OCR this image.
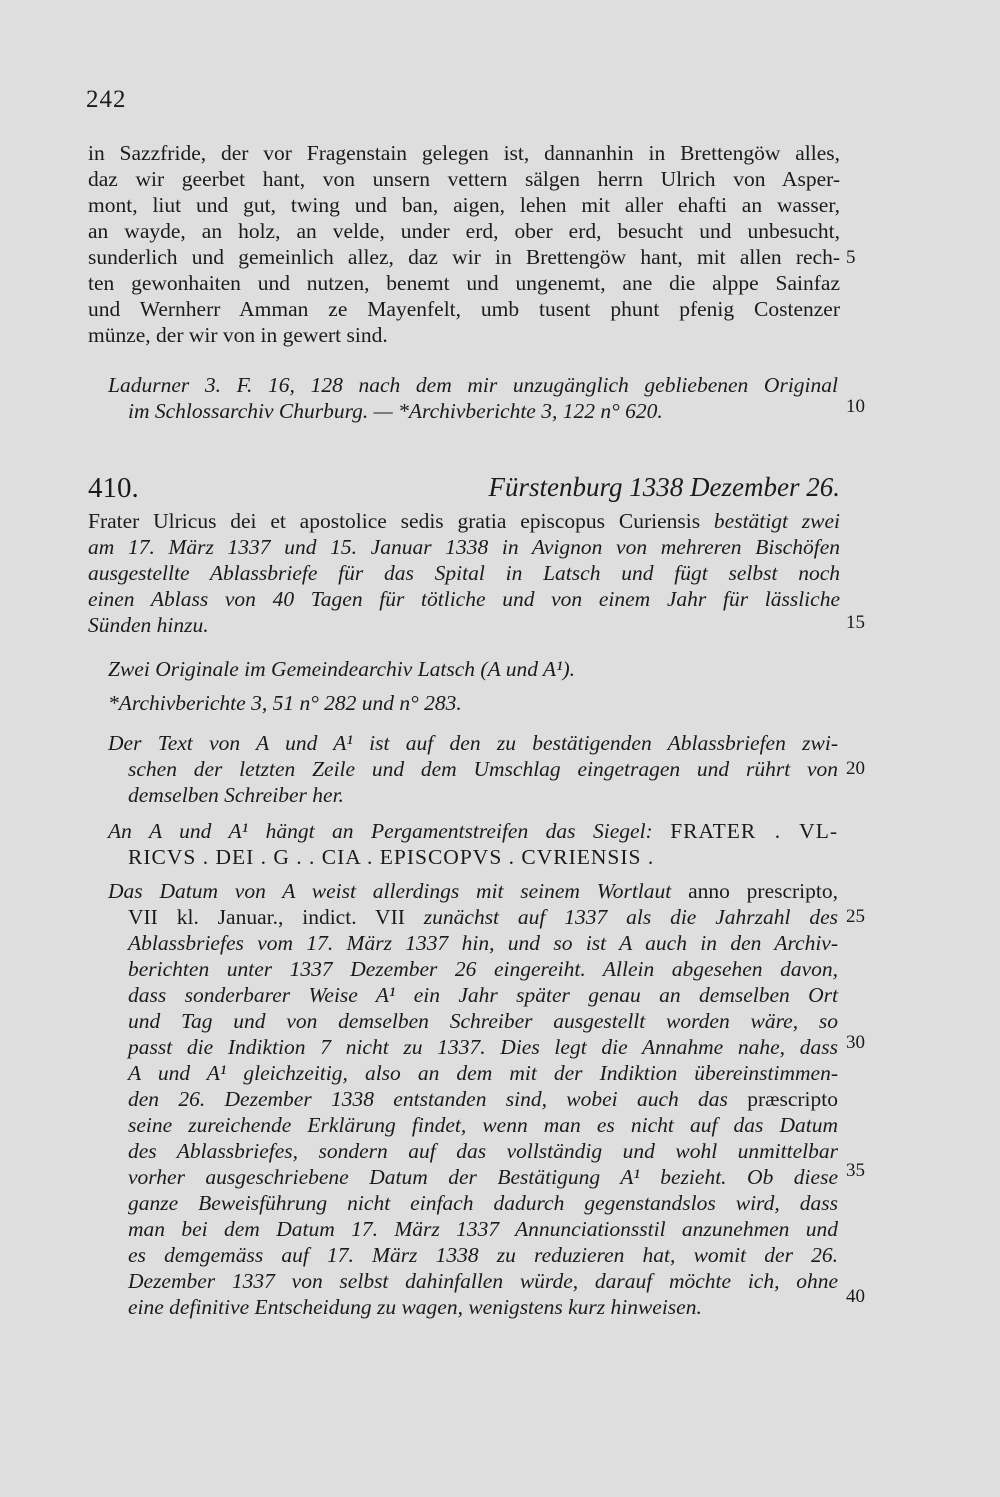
242
in Sazzfride, der vor Fragenstain gelegen ist, dannanhin in Brettengöw alles,
daz wir geerbet hant, von unsern vettern sälgen herrn Ulrich von Asper-
mont, liut und gut, twing und ban, aigen, lehen mit aller ehafti an wasser,
an wayde, an holz, an velde, under erd, ober erd, besucht und unbesucht,
sunderlich und gemeinlich allez, daz wir in Brettengöw hant, mit allen rech-
ten gewonhaiten und nutzen, benemt und ungenemt, ane die alppe Sainfaz
und Wernherr Amman ze Mayenfelt, umb tusent phunt pfenig Costenzer
münze, der wir von in gewert sind.
Ladurner 3. F. 16, 128 nach dem mir unzugänglich gebliebenen Original
im Schlossarchiv Churburg. — *Archivberichte 3, 122 n° 620.
410.	Fürstenburg 1338 Dezember 26.
Frater Ulricus dei et apostolice sedis gratia episcopus Curiensis bestätigt zwei
am 17. März 1337 und 15. Januar 1338 in Avignon von mehreren Bischöfen
ausgestellte Ablassbriefe für das Spital in Latsch und fügt selbst noch
einen Ablass von 40 Tagen für tötliche und von einem Jahr für lässliche
Sünden hinzu.
Zwei Originale im Gemeindearchiv Latsch (A und A¹).
*Archivberichte 3, 51 n° 282 und n° 283.
Der Text von A und A¹ ist auf den zu bestätigenden Ablassbriefen zwi-
schen der letzten Zeile und dem Umschlag eingetragen und rührt von
demselben Schreiber her.
An A und A¹ hängt an Pergamentstreifen das Siegel: FRATER . VL-
RICVS . DEI . G . . CIA . EPISCOPVS . CVRIENSIS .
Das Datum von A weist allerdings mit seinem Wortlaut anno prescripto,
VII kl. Januar., indict. VII zunächst auf 1337 als die Jahrzahl des
Ablassbriefes vom 17. März 1337 hin, und so ist A auch in den Archiv-
berichten unter 1337 Dezember 26 eingereiht. Allein abgesehen davon,
dass sonderbarer Weise A¹ ein Jahr später genau an demselben Ort
und Tag und von demselben Schreiber ausgestellt worden wäre, so
passt die Indiktion 7 nicht zu 1337. Dies legt die Annahme nahe, dass
A und A¹ gleichzeitig, also an dem mit der Indiktion übereinstimmen-
den 26. Dezember 1338 entstanden sind, wobei auch das præscripto
seine zureichende Erklärung findet, wenn man es nicht auf das Datum
des Ablassbriefes, sondern auf das vollständig und wohl unmittelbar
vorher ausgeschriebene Datum der Bestätigung A¹ bezieht. Ob diese
ganze Beweisführung nicht einfach dadurch gegenstandslos wird, dass
man bei dem Datum 17. März 1337 Annunciationsstil anzunehmen und
es demgemäss auf 17. März 1338 zu reduzieren hat, womit der 26.
Dezember 1337 von selbst dahinfallen würde, darauf möchte ich, ohne
eine definitive Entscheidung zu wagen, wenigstens kurz hinweisen.
5
10
15
20
25
30
35
40
